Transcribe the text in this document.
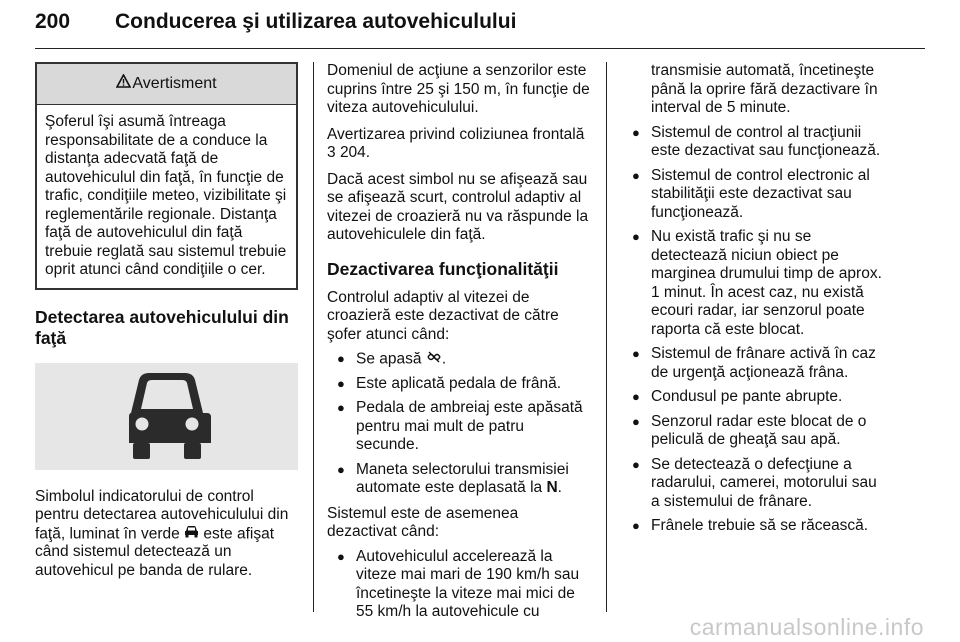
200 Conducerea şi utilizarea autovehiculului
Avertisment
Şoferul îşi asumă întreaga responsabilitate de a conduce la distanţa adecvată faţă de autovehiculul din faţă, în funcţie de trafic, condiţiile meteo, vizibilitate şi reglementările regionale. Distanţa faţă de autovehiculul din faţă trebuie reglată sau sistemul trebuie oprit atunci când condiţiile o cer.
Detectarea autovehiculului din faţă

Simbolul indicatorului de control pentru detectarea autovehiculului din faţă, luminat în verde este afişat când sistemul detectează un autovehicul pe banda de rulare.

Domeniul de acţiune a senzorilor este cuprins între 25 şi 150 m, în funcţie de viteza autovehiculului.

Avertizarea privind coliziunea frontală 3 204.

Dacă acest simbol nu se afişează sau se afişează scurt, controlul adaptiv al vitezei de croazieră nu va răspunde la autovehiculele din faţă.

Dezactivarea funcţionalităţii

Controlul adaptiv al vitezei de croazieră este dezactivat de către şofer atunci când:

● Se apasă .
● Este aplicată pedala de frână.
● Pedala de ambreiaj este apăsată pentru mai mult de patru secunde.
● Maneta selectorului transmisiei automate este deplasată la N.

Sistemul este de asemenea dezactivat când:

● Autovehiculul accelerează la viteze mai mari de 190 km/h sau încetineşte la viteze mai mici de 55 km/h la autovehicule cu

transmisie automată, încetineşte până la oprire fără dezactivare în interval de 5 minute.

● Sistemul de control al tracţiunii este dezactivat sau funcţionează.
● Sistemul de control electronic al stabilităţii este dezactivat sau funcţionează.
● Nu există trafic şi nu se detectează niciun obiect pe marginea drumului timp de aprox. 1 minut. În acest caz, nu există ecouri radar, iar senzorul poate raporta că este blocat.
● Sistemul de frânare activă în caz de urgenţă acţionează frâna.
● Condusul pe pante abrupte.
● Senzorul radar este blocat de o peliculă de gheaţă sau apă.
● Se detectează o defecţiune a radarului, camerei, motorului sau a sistemului de frânare.
● Frânele trebuie să se răcească.
carmanualsonline.info
